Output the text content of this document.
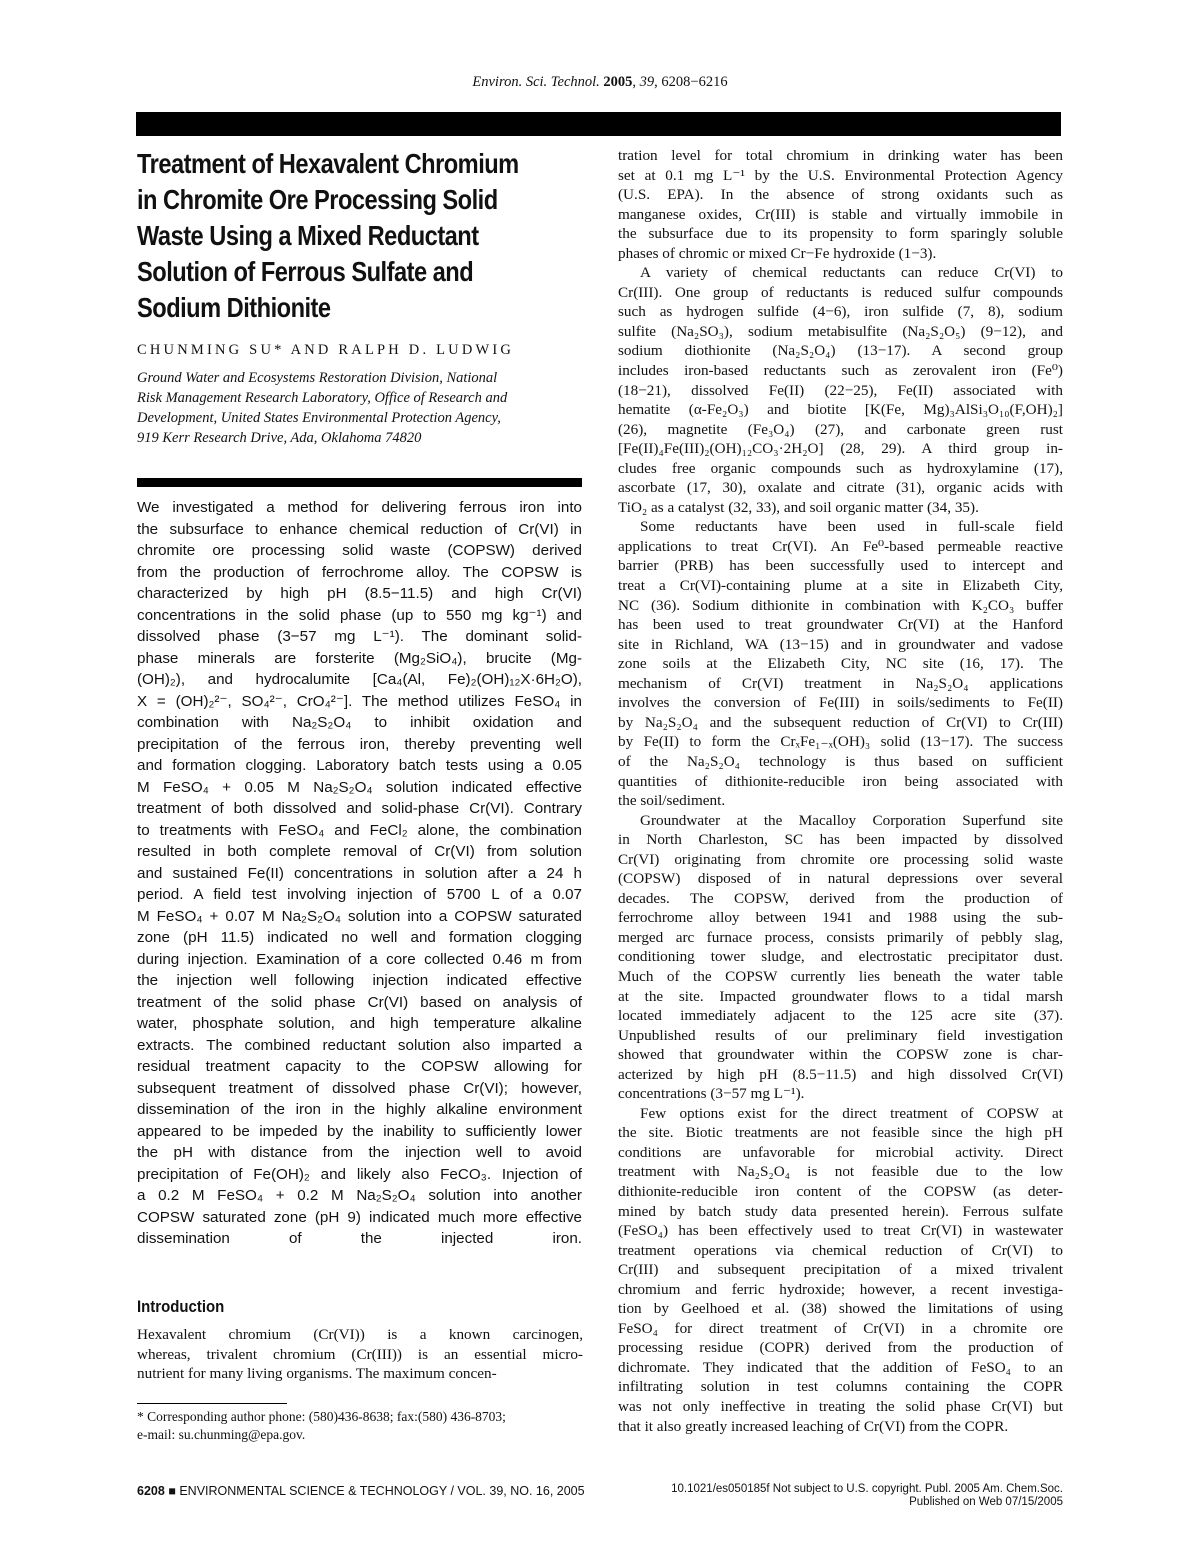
Environ. Sci. Technol. 2005, 39, 6208−6216
Treatment of Hexavalent Chromium
in Chromite Ore Processing Solid
Waste Using a Mixed Reductant
Solution of Ferrous Sulfate and
Sodium Dithionite
CHUNMING SU* AND RALPH D. LUDWIG
Ground Water and Ecosystems Restoration Division, National
Risk Management Research Laboratory, Office of Research and
Development, United States Environmental Protection Agency,
919 Kerr Research Drive, Ada, Oklahoma 74820
We investigated a method for delivering ferrous iron into
the subsurface to enhance chemical reduction of Cr(VI) in
chromite ore processing solid waste (COPSW) derived
from the production of ferrochrome alloy. The COPSW is
characterized by high pH (8.5−11.5) and high Cr(VI)
concentrations in the solid phase (up to 550 mg kg⁻¹) and
dissolved phase (3−57 mg L⁻¹). The dominant solid-
phase minerals are forsterite (Mg₂SiO₄), brucite (Mg-
(OH)₂), and hydrocalumite [Ca₄(Al, Fe)₂(OH)₁₂X·6H₂O),
X = (OH)₂²⁻, SO₄²⁻, CrO₄²⁻]. The method utilizes FeSO₄ in
combination with Na₂S₂O₄ to inhibit oxidation and
precipitation of the ferrous iron, thereby preventing well
and formation clogging. Laboratory batch tests using a 0.05
M FeSO₄ + 0.05 M Na₂S₂O₄ solution indicated effective
treatment of both dissolved and solid-phase Cr(VI). Contrary
to treatments with FeSO₄ and FeCl₂ alone, the combination
resulted in both complete removal of Cr(VI) from solution
and sustained Fe(II) concentrations in solution after a 24 h
period. A field test involving injection of 5700 L of a 0.07
M FeSO₄ + 0.07 M Na₂S₂O₄ solution into a COPSW saturated
zone (pH 11.5) indicated no well and formation clogging
during injection. Examination of a core collected 0.46 m from
the injection well following injection indicated effective
treatment of the solid phase Cr(VI) based on analysis of
water, phosphate solution, and high temperature alkaline
extracts. The combined reductant solution also imparted a
residual treatment capacity to the COPSW allowing for
subsequent treatment of dissolved phase Cr(VI); however,
dissemination of the iron in the highly alkaline environment
appeared to be impeded by the inability to sufficiently lower
the pH with distance from the injection well to avoid
precipitation of Fe(OH)₂ and likely also FeCO₃. Injection of
a 0.2 M FeSO₄ + 0.2 M Na₂S₂O₄ solution into another
COPSW saturated zone (pH 9) indicated much more effective
dissemination of the injected iron.
Introduction
Hexavalent chromium (Cr(VI)) is a known carcinogen,
whereas, trivalent chromium (Cr(III)) is an essential micro-
nutrient for many living organisms. The maximum concen-
* Corresponding author phone: (580)436-8638; fax:(580) 436-8703;
e-mail: su.chunming@epa.gov.
tration level for total chromium in drinking water has been
set at 0.1 mg L⁻¹ by the U.S. Environmental Protection Agency
(U.S. EPA). In the absence of strong oxidants such as
manganese oxides, Cr(III) is stable and virtually immobile in
the subsurface due to its propensity to form sparingly soluble
phases of chromic or mixed Cr−Fe hydroxide (1−3).
A variety of chemical reductants can reduce Cr(VI) to
Cr(III). One group of reductants is reduced sulfur compounds
such as hydrogen sulfide (4−6), iron sulfide (7, 8), sodium
sulfite (Na₂SO₃), sodium metabisulfite (Na₂S₂O₅) (9−12), and
sodium diothionite (Na₂S₂O₄) (13−17). A second group
includes iron-based reductants such as zerovalent iron (Fe⁰)
(18−21), dissolved Fe(II) (22−25), Fe(II) associated with
hematite (α-Fe₂O₃) and biotite [K(Fe, Mg)₃AlSi₃O₁₀(F,OH)₂]
(26), magnetite (Fe₃O₄) (27), and carbonate green rust
[Fe(II)₄Fe(III)₂(OH)₁₂CO₃·2H₂O] (28, 29). A third group in-
cludes free organic compounds such as hydroxylamine (17),
ascorbate (17, 30), oxalate and citrate (31), organic acids with
TiO₂ as a catalyst (32, 33), and soil organic matter (34, 35).
Some reductants have been used in full-scale field
applications to treat Cr(VI). An Fe⁰-based permeable reactive
barrier (PRB) has been successfully used to intercept and
treat a Cr(VI)-containing plume at a site in Elizabeth City,
NC (36). Sodium dithionite in combination with K₂CO₃ buffer
has been used to treat groundwater Cr(VI) at the Hanford
site in Richland, WA (13−15) and in groundwater and vadose
zone soils at the Elizabeth City, NC site (16, 17). The
mechanism of Cr(VI) treatment in Na₂S₂O₄ applications
involves the conversion of Fe(III) in soils/sediments to Fe(II)
by Na₂S₂O₄ and the subsequent reduction of Cr(VI) to Cr(III)
by Fe(II) to form the CrₓFe₁₋ₓ(OH)₃ solid (13−17). The success
of the Na₂S₂O₄ technology is thus based on sufficient
quantities of dithionite-reducible iron being associated with
the soil/sediment.
Groundwater at the Macalloy Corporation Superfund site
in North Charleston, SC has been impacted by dissolved
Cr(VI) originating from chromite ore processing solid waste
(COPSW) disposed of in natural depressions over several
decades. The COPSW, derived from the production of
ferrochrome alloy between 1941 and 1988 using the sub-
merged arc furnace process, consists primarily of pebbly slag,
conditioning tower sludge, and electrostatic precipitator dust.
Much of the COPSW currently lies beneath the water table
at the site. Impacted groundwater flows to a tidal marsh
located immediately adjacent to the 125 acre site (37).
Unpublished results of our preliminary field investigation
showed that groundwater within the COPSW zone is char-
acterized by high pH (8.5−11.5) and high dissolved Cr(VI)
concentrations (3−57 mg L⁻¹).
Few options exist for the direct treatment of COPSW at
the site. Biotic treatments are not feasible since the high pH
conditions are unfavorable for microbial activity. Direct
treatment with Na₂S₂O₄ is not feasible due to the low
dithionite-reducible iron content of the COPSW (as deter-
mined by batch study data presented herein). Ferrous sulfate
(FeSO₄) has been effectively used to treat Cr(VI) in wastewater
treatment operations via chemical reduction of Cr(VI) to
Cr(III) and subsequent precipitation of a mixed trivalent
chromium and ferric hydroxide; however, a recent investiga-
tion by Geelhoed et al. (38) showed the limitations of using
FeSO₄ for direct treatment of Cr(VI) in a chromite ore
processing residue (COPR) derived from the production of
dichromate. They indicated that the addition of FeSO₄ to an
infiltrating solution in test columns containing the COPR
was not only ineffective in treating the solid phase Cr(VI) but
that it also greatly increased leaching of Cr(VI) from the COPR.
6208 ■ ENVIRONMENTAL SCIENCE & TECHNOLOGY / VOL. 39, NO. 16, 2005	10.1021/es050185f Not subject to U.S. copyright. Publ. 2005 Am. Chem.Soc.
Published on Web 07/15/2005
